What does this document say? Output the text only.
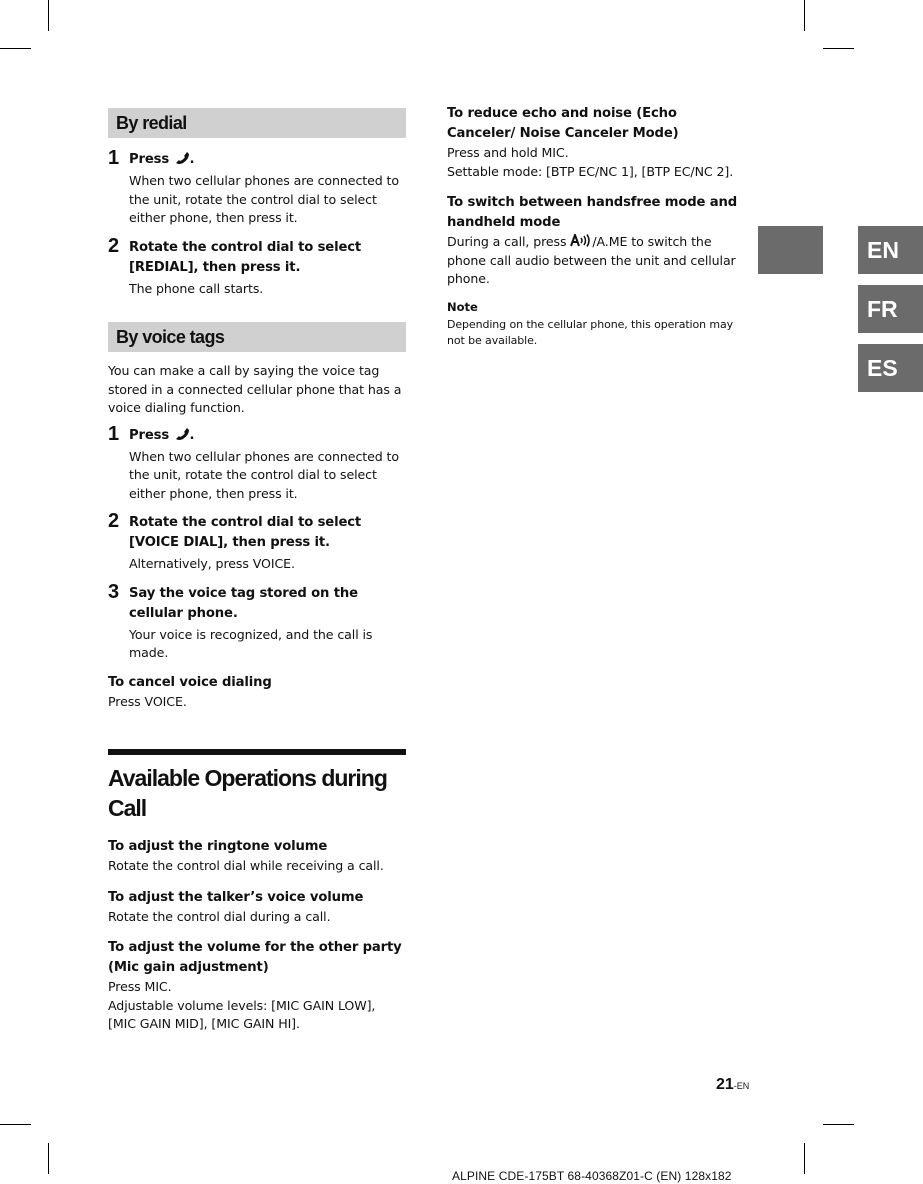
By redial
1 Press .
When two cellular phones are connected to the unit, rotate the control dial to select either phone, then press it.
2 Rotate the control dial to select [REDIAL], then press it.
The phone call starts.
By voice tags
You can make a call by saying the voice tag stored in a connected cellular phone that has a voice dialing function.
1 Press .
When two cellular phones are connected to the unit, rotate the control dial to select either phone, then press it.
2 Rotate the control dial to select [VOICE DIAL], then press it.
Alternatively, press VOICE.
3 Say the voice tag stored on the cellular phone.
Your voice is recognized, and the call is made.
To cancel voice dialing
Press VOICE.
Available Operations during Call
To adjust the ringtone volume
Rotate the control dial while receiving a call.
To adjust the talker’s voice volume
Rotate the control dial during a call.
To adjust the volume for the other party (Mic gain adjustment)
Press MIC.
Adjustable volume levels: [MIC GAIN LOW], [MIC GAIN MID], [MIC GAIN HI].
To reduce echo and noise (Echo Canceler/ Noise Canceler Mode)
Press and hold MIC.
Settable mode: [BTP EC/NC 1], [BTP EC/NC 2].
To switch between handsfree mode and handheld mode
During a call, press /A.ME to switch the phone call audio between the unit and cellular phone.
Note
Depending on the cellular phone, this operation may not be available.
EN
FR
ES
21-EN
ALPINE CDE-175BT 68-40368Z01-C (EN) 128x182
